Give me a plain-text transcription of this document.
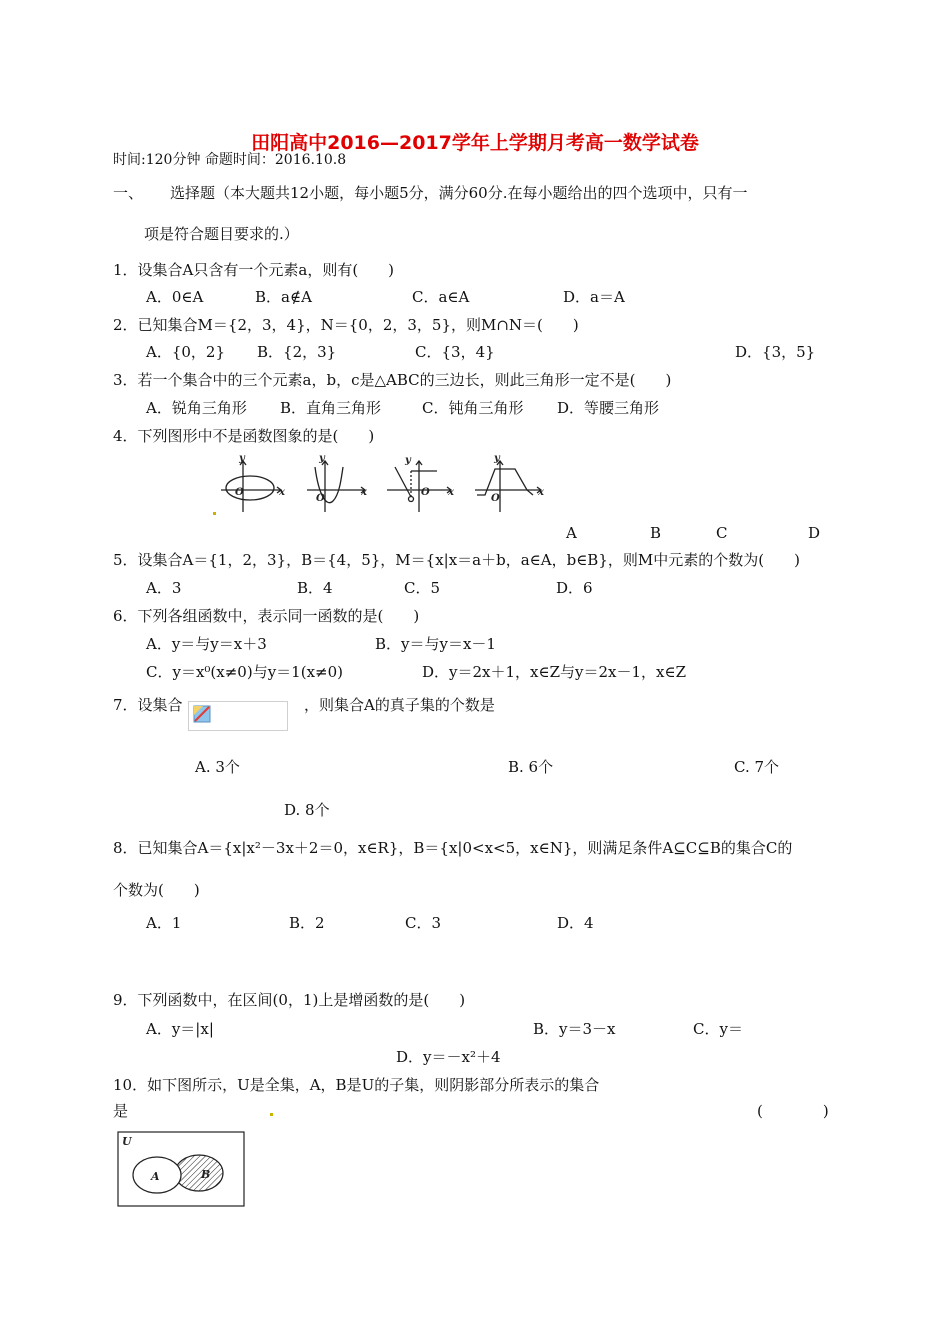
田阳高中2016—2017学年上学期月考高一数学试卷
时间:120分钟 命题时间：2016.10.8
一、 选择题（本大题共12小题，每小题5分，满分60分.在每小题给出的四个选项中，只有一
项是符合题目要求的.）
1．设集合A只含有一个元素a，则有(　　)
A．0∈A	B．a∉A	C．a∈A	D．a＝A
2．已知集合M＝{2，3，4}，N＝{0，2，3，5}，则M∩N＝(　　)
A．{0，2} B．{2，3}	C．{3，4}	D．{3，5}
3．若一个集合中的三个元素a，b，c是△ABC的三边长，则此三角形一定不是(　　)
A．锐角三角形 B．直角三角形	C．钝角三角形 D．等腰三角形
4．下列图形中不是函数图象的是(　　)
y
O	x
y
O
x
y
O x
y
O
x
A	B	C	D
5．设集合A＝{1，2，3}，B＝{4，5}，M＝{x|x＝a＋b，a∈A，b∈B}，则M中元素的个数为(　　)
A．3	B．4	C．5	D．6
6．下列各组函数中，表示同一函数的是(　　)
A．y＝与y＝x＋3	B．y＝与y＝x－1
C．y＝x⁰(x≠0)与y＝1(x≠0)	D．y＝2x＋1，x∈Z与y＝2x－1，x∈Z
7．设集合	，则集合A的真子集的个数是
A. 3个	B. 6个	C. 7个
D. 8个
8．已知集合A＝{x|x²－3x＋2＝0，x∈R}，B＝{x|0<x<5，x∈N}，则满足条件A⊆C⊆B的集合C的
个数为(　　)
A．1	B．2	C．3	D．4
9．下列函数中，在区间(0，1)上是增函数的是(　　)
A．y＝|x|	B．y＝3－x	C．y＝
D．y＝－x²＋4
10．如下图所示，U是全集，A，B是U的子集，则阴影部分所表示的集合
是	(　　　　)
U
A	B
